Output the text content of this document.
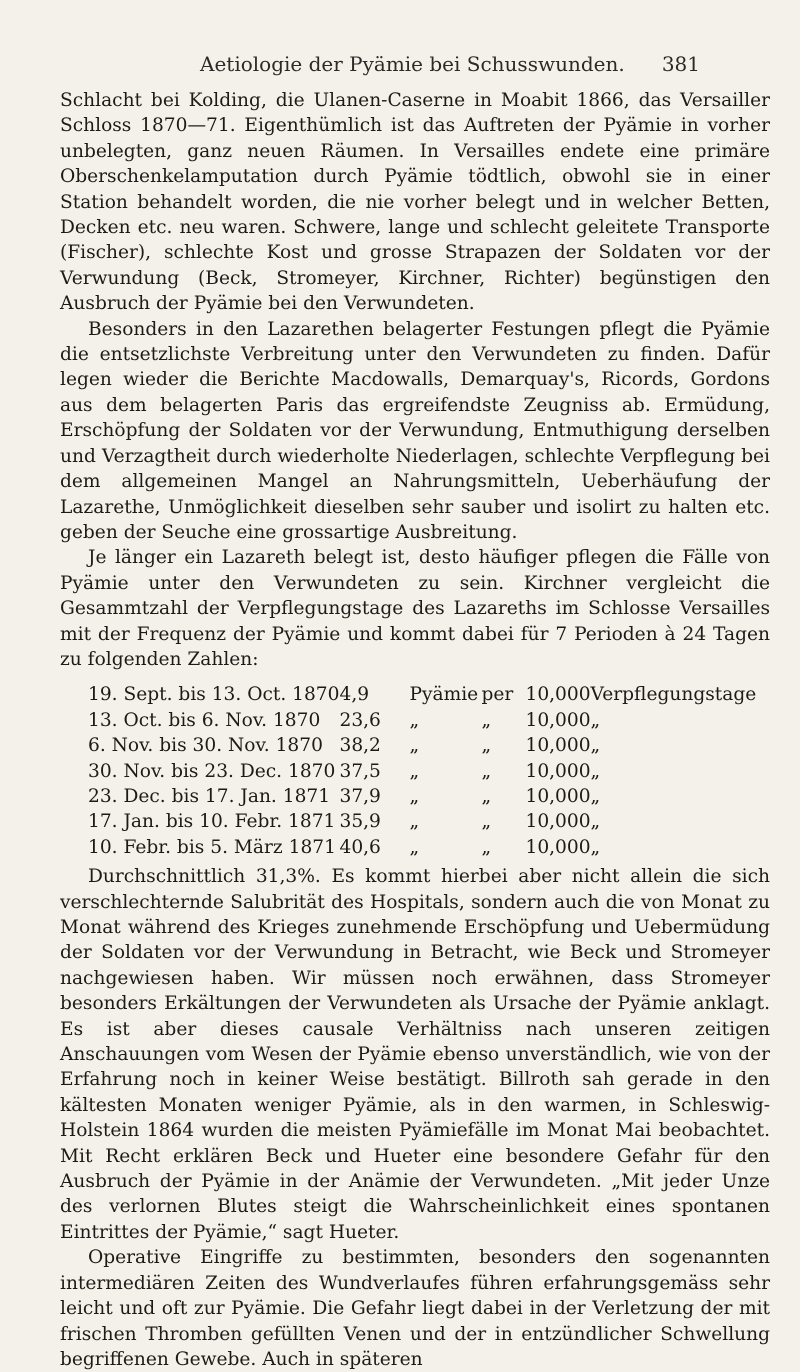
Aetiologie der Pyämie bei Schusswunden. 381

Schlacht bei Kolding, die Ulanen-Caserne in Moabit 1866, das Versailler Schloss 1870—71. Eigenthümlich ist das Auftreten der Pyämie in vorher unbelegten, ganz neuen Räumen. In Versailles endete eine primäre Oberschenkelamputation durch Pyämie tödtlich, obwohl sie in einer Station behandelt worden, die nie vorher belegt und in welcher Betten, Decken etc. neu waren. Schwere, lange und schlecht geleitete Transporte (Fischer), schlechte Kost und grosse Strapazen der Soldaten vor der Verwundung (Beck, Stromeyer, Kirchner, Richter) begünstigen den Ausbruch der Pyämie bei den Verwundeten.

Besonders in den Lazarethen belagerter Festungen pflegt die Pyämie die entsetzlichste Verbreitung unter den Verwundeten zu finden. Dafür legen wieder die Berichte Macdowalls, Demarquay's, Ricords, Gordons aus dem belagerten Paris das ergreifendste Zeugniss ab. Ermüdung, Erschöpfung der Soldaten vor der Verwundung, Entmuthigung derselben und Verzagtheit durch wiederholte Niederlagen, schlechte Verpflegung bei dem allgemeinen Mangel an Nahrungsmitteln, Ueberhäufung der Lazarethe, Unmöglichkeit dieselben sehr sauber und isolirt zu halten etc. geben der Seuche eine grossartige Ausbreitung.

Je länger ein Lazareth belegt ist, desto häufiger pflegen die Fälle von Pyämie unter den Verwundeten zu sein. Kirchner vergleicht die Gesammtzahl der Verpflegungstage des Lazareths im Schlosse Versailles mit der Frequenz der Pyämie und kommt dabei für 7 Perioden à 24 Tagen zu folgenden Zahlen:

19. Sept. bis 13. Oct. 1870	4,9	Pyämie	per	10,000	Verpflegungstage
13. Oct. bis 6. Nov. 1870	23,6	„	„	10,000	„
6. Nov. bis 30. Nov. 1870	38,2	„	„	10,000	„
30. Nov. bis 23. Dec. 1870	37,5	„	„	10,000	„
23. Dec. bis 17. Jan. 1871	37,9	„	„	10,000	„
17. Jan. bis 10. Febr. 1871	35,9	„	„	10,000	„
10. Febr. bis 5. März 1871	40,6	„	„	10,000	„

Durchschnittlich 31,3%. Es kommt hierbei aber nicht allein die sich verschlechternde Salubrität des Hospitals, sondern auch die von Monat zu Monat während des Krieges zunehmende Erschöpfung und Uebermüdung der Soldaten vor der Verwundung in Betracht, wie Beck und Stromeyer nachgewiesen haben. Wir müssen noch erwähnen, dass Stromeyer besonders Erkältungen der Verwundeten als Ursache der Pyämie anklagt. Es ist aber dieses causale Verhältniss nach unseren zeitigen Anschauungen vom Wesen der Pyämie ebenso unverständlich, wie von der Erfahrung noch in keiner Weise bestätigt. Billroth sah gerade in den kältesten Monaten weniger Pyämie, als in den warmen, in Schleswig-Holstein 1864 wurden die meisten Pyämiefälle im Monat Mai beobachtet. Mit Recht erklären Beck und Hueter eine besondere Gefahr für den Ausbruch der Pyämie in der Anämie der Verwundeten. „Mit jeder Unze des verlornen Blutes steigt die Wahrscheinlichkeit eines spontanen Eintrittes der Pyämie,“ sagt Hueter.

Operative Eingriffe zu bestimmten, besonders den sogenannten intermediären Zeiten des Wundverlaufes führen erfahrungsgemäss sehr leicht und oft zur Pyämie. Die Gefahr liegt dabei in der Verletzung der mit frischen Thromben gefüllten Venen und der in entzündlicher Schwellung begriffenen Gewebe. Auch in späteren
